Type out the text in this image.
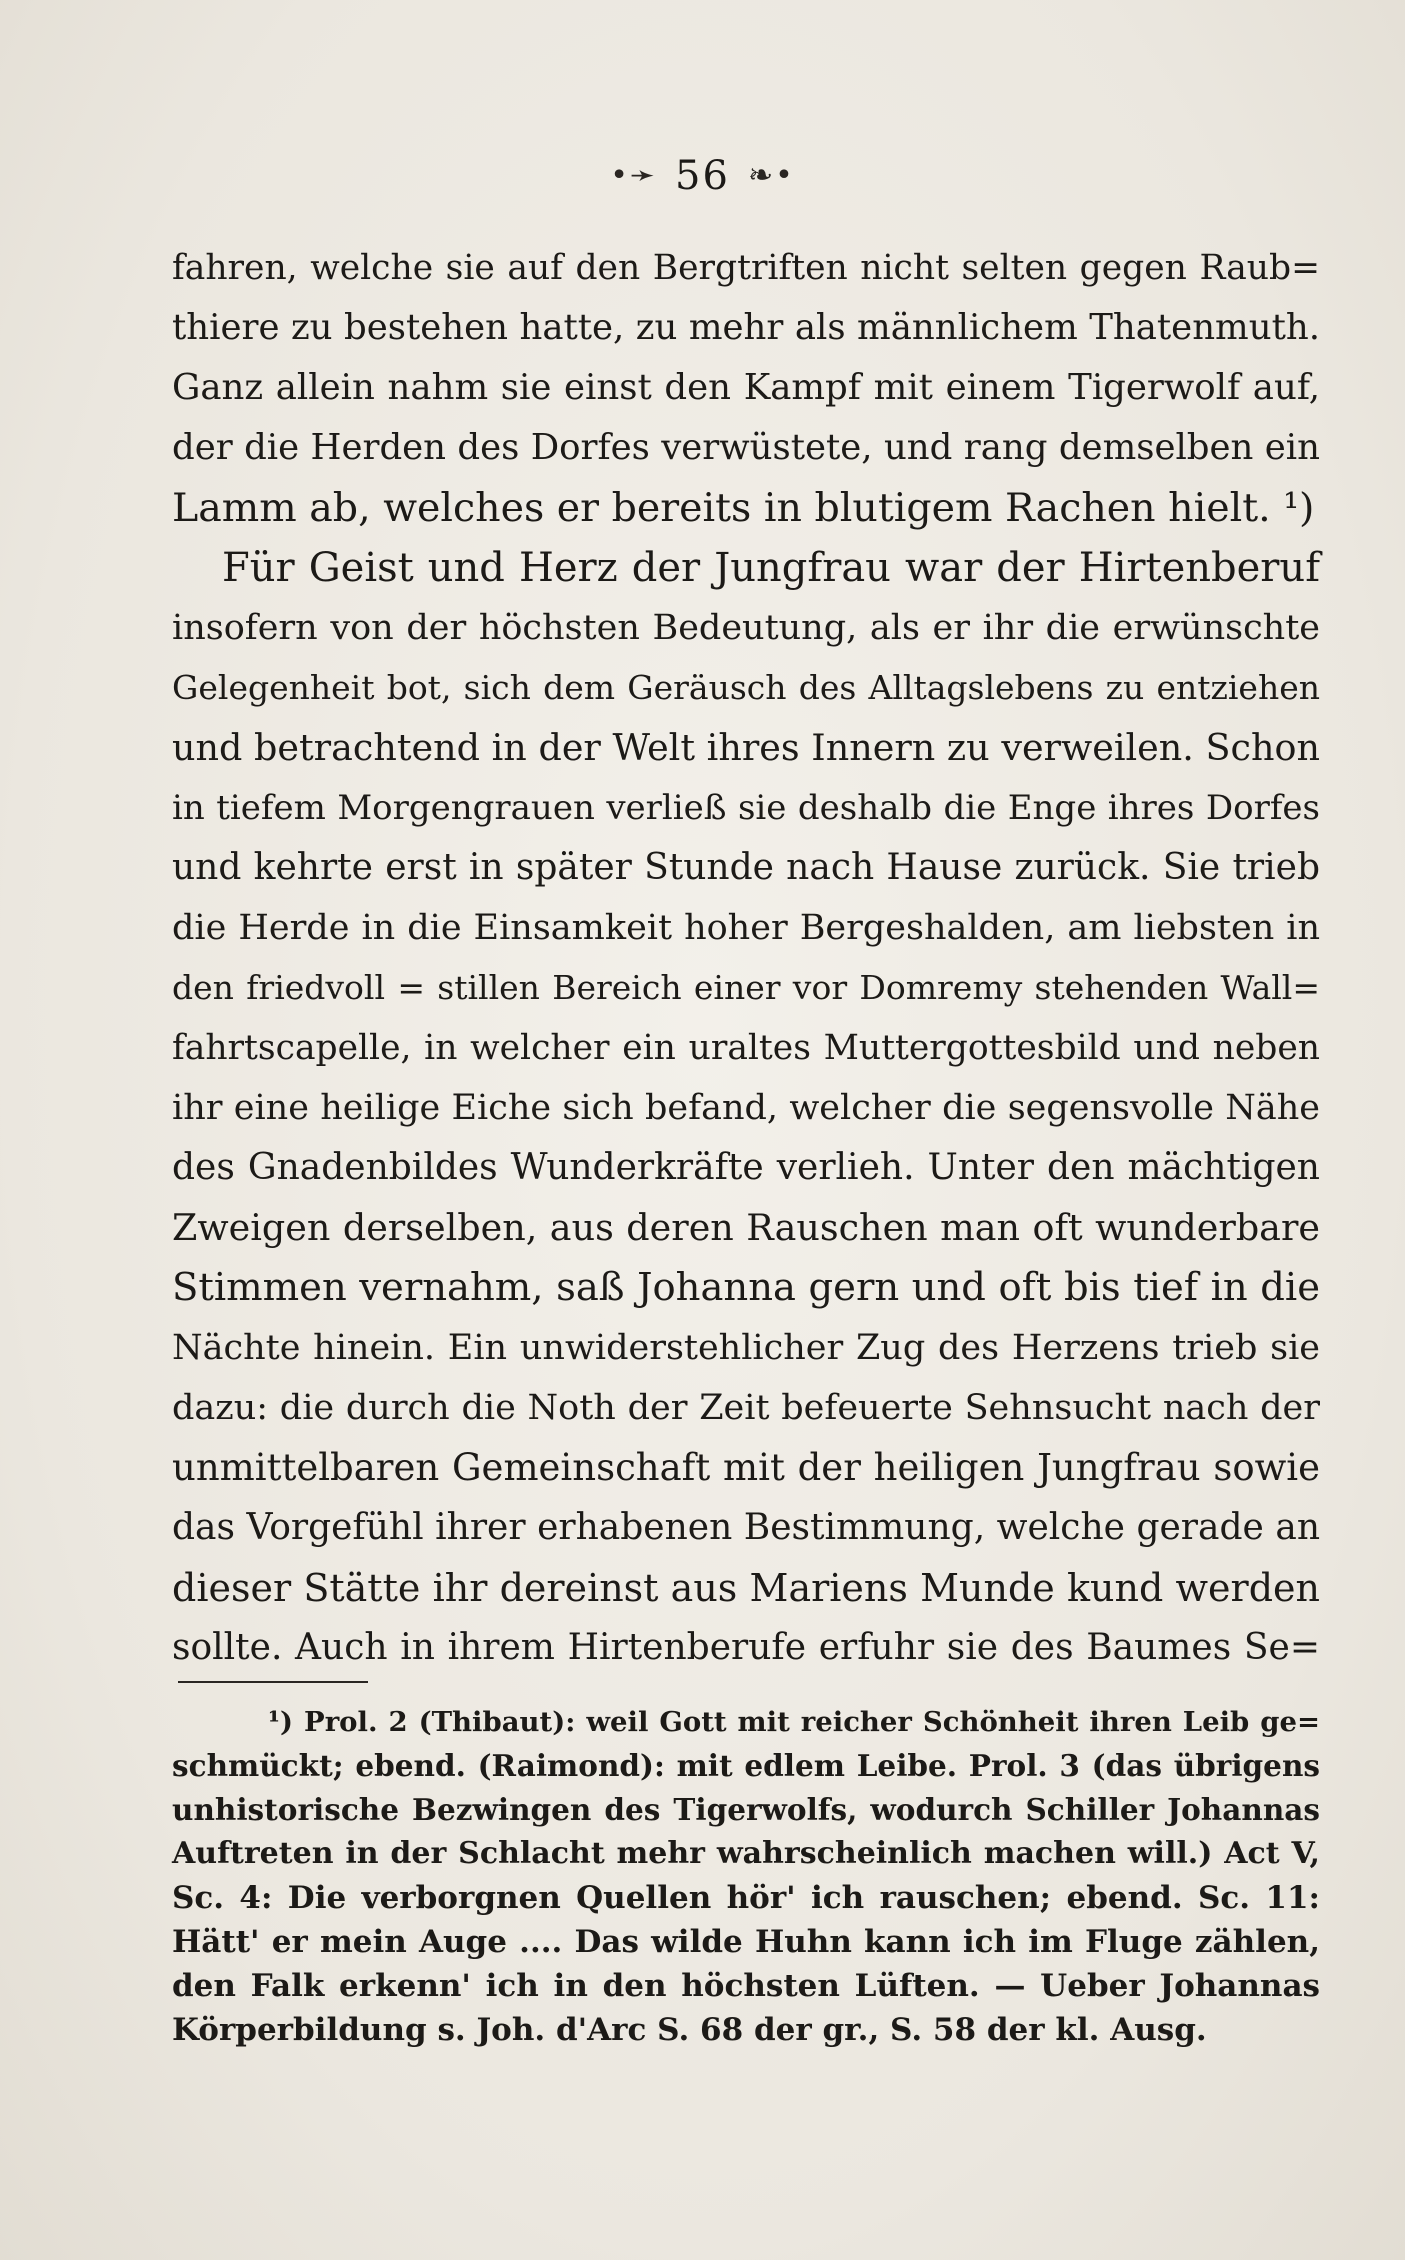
•➛ 56 ❧•
fahren, welche sie auf den Bergtriften nicht selten gegen Raub=
thiere zu bestehen hatte, zu mehr als männlichem Thatenmuth.
Ganz allein nahm sie einst den Kampf mit einem Tigerwolf auf,
der die Herden des Dorfes verwüstete, und rang demselben ein
Lamm ab, welches er bereits in blutigem Rachen hielt. ¹)
Für Geist und Herz der Jungfrau war der Hirtenberuf
insofern von der höchsten Bedeutung, als er ihr die erwünschte
Gelegenheit bot, sich dem Geräusch des Alltagslebens zu entziehen
und betrachtend in der Welt ihres Innern zu verweilen. Schon
in tiefem Morgengrauen verließ sie deshalb die Enge ihres Dorfes
und kehrte erst in später Stunde nach Hause zurück. Sie trieb
die Herde in die Einsamkeit hoher Bergeshalden, am liebsten in
den friedvoll = stillen Bereich einer vor Domremy stehenden Wall=
fahrtscapelle, in welcher ein uraltes Muttergottesbild und neben
ihr eine heilige Eiche sich befand, welcher die segensvolle Nähe
des Gnadenbildes Wunderkräfte verlieh. Unter den mächtigen
Zweigen derselben, aus deren Rauschen man oft wunderbare
Stimmen vernahm, saß Johanna gern und oft bis tief in die
Nächte hinein. Ein unwiderstehlicher Zug des Herzens trieb sie
dazu: die durch die Noth der Zeit befeuerte Sehnsucht nach der
unmittelbaren Gemeinschaft mit der heiligen Jungfrau sowie
das Vorgefühl ihrer erhabenen Bestimmung, welche gerade an
dieser Stätte ihr dereinst aus Mariens Munde kund werden
sollte. Auch in ihrem Hirtenberufe erfuhr sie des Baumes Se=
¹) Prol. 2 (Thibaut): weil Gott mit reicher Schönheit ihren Leib ge=
schmückt; ebend. (Raimond): mit edlem Leibe. Prol. 3 (das übrigens
unhistorische Bezwingen des Tigerwolfs, wodurch Schiller Johannas
Auftreten in der Schlacht mehr wahrscheinlich machen will.) Act V,
Sc. 4: Die verborgnen Quellen hör' ich rauschen; ebend. Sc. 11:
Hätt' er mein Auge .... Das wilde Huhn kann ich im Fluge zählen,
den Falk erkenn' ich in den höchsten Lüften. — Ueber Johannas
Körperbildung s. Joh. d'Arc S. 68 der gr., S. 58 der kl. Ausg.
